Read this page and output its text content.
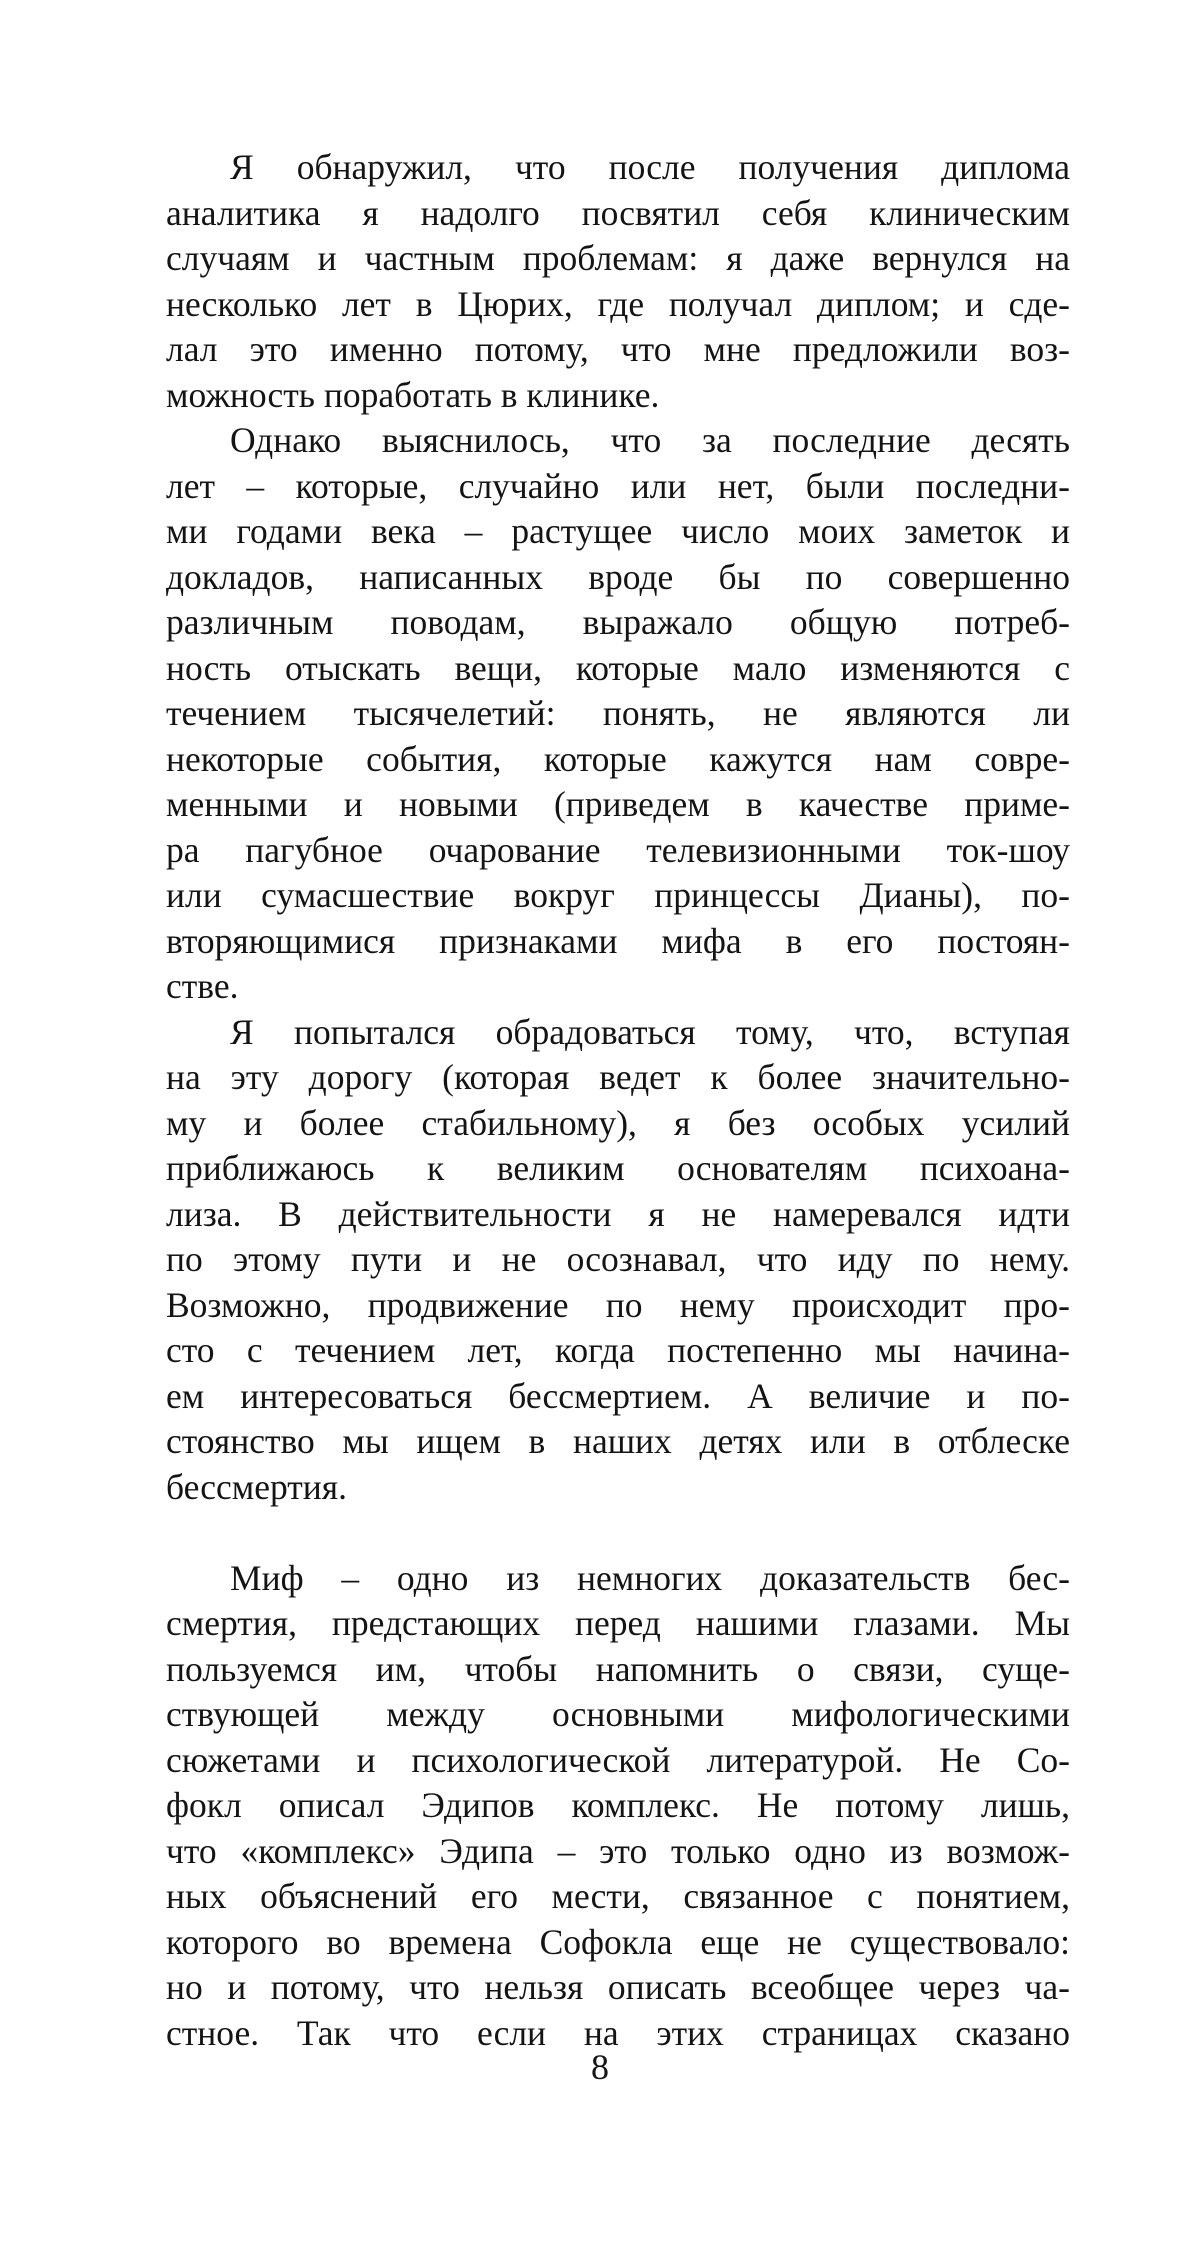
Я обнаружил, что после получения диплома
аналитика я надолго посвятил себя клиническим
случаям и частным проблемам: я даже вернулся на
несколько лет в Цюрих, где получал диплом; и сде-
лал это именно потому, что мне предложили воз-
можность поработать в клинике.
Однако выяснилось, что за последние десять
лет – которые, случайно или нет, были последни-
ми годами века – растущее число моих заметок и
докладов, написанных вроде бы по совершенно
различным поводам, выражало общую потреб-
ность отыскать вещи, которые мало изменяются с
течением тысячелетий: понять, не являются ли
некоторые события, которые кажутся нам совре-
менными и новыми (приведем в качестве приме-
ра пагубное очарование телевизионными ток-шоу
или сумасшествие вокруг принцессы Дианы), по-
вторяющимися признаками мифа в его постоян-
стве.
Я попытался обрадоваться тому, что, вступая
на эту дорогу (которая ведет к более значительно-
му и более стабильному), я без особых усилий
приближаюсь к великим основателям психоана-
лиза. В действительности я не намеревался идти
по этому пути и не осознавал, что иду по нему.
Возможно, продвижение по нему происходит про-
сто с течением лет, когда постепенно мы начина-
ем интересоваться бессмертием. А величие и по-
стоянство мы ищем в наших детях или в отблеске
бессмертия.
Миф – одно из немногих доказательств бес-
смертия, предстающих перед нашими глазами. Мы
пользуемся им, чтобы напомнить о связи, суще-
ствующей между основными мифологическими
сюжетами и психологической литературой. Не Со-
фокл описал Эдипов комплекс. Не потому лишь,
что «комплекс» Эдипа – это только одно из возмож-
ных объяснений его мести, связанное с понятием,
которого во времена Софокла еще не существовало:
но и потому, что нельзя описать всеобщее через ча-
стное. Так что если на этих страницах сказано
8
